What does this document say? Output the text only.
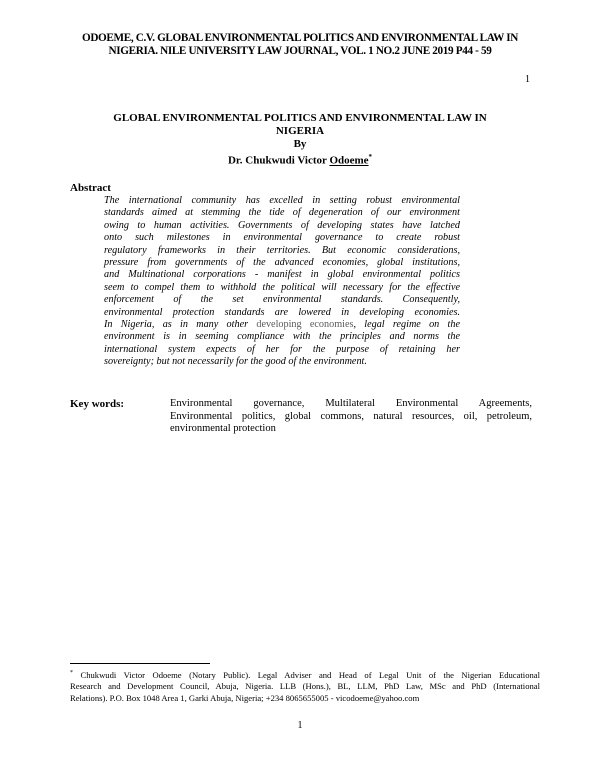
ODOEME, C.V. GLOBAL ENVIRONMENTAL POLITICS AND ENVIRONMENTAL LAW IN
NIGERIA. NILE UNIVERSITY LAW JOURNAL, VOL. 1 NO.2 JUNE 2019 P44 - 59
1
GLOBAL ENVIRONMENTAL POLITICS AND ENVIRONMENTAL LAW IN
NIGERIA
By
Dr. Chukwudi Victor Odoeme*
Abstract
The international community has excelled in setting robust environmental
standards aimed at stemming the tide of degeneration of our environment
owing to human activities. Governments of developing states have latched
onto such milestones in environmental governance to create robust
regulatory frameworks in their territories. But economic considerations,
pressure from governments of the advanced economies, global institutions,
and Multinational corporations - manifest in global environmental politics
seem to compel them to withhold the political will necessary for the effective
enforcement of the set environmental standards. Consequently,
environmental protection standards are lowered in developing economies.
In Nigeria, as in many other developing economies, legal regime on the
environment is in seeming compliance with the principles and norms the
international system expects of her for the purpose of retaining her
sovereignty; but not necessarily for the good of the environment.
Key words:	Environmental governance, Multilateral Environmental Agreements,
Environmental politics, global commons, natural resources, oil, petroleum,
environmental protection
* Chukwudi Victor Odoeme (Notary Public). Legal Adviser and Head of Legal Unit of the Nigerian Educational
Research and Development Council, Abuja, Nigeria. LLB (Hons.), BL, LLM, PhD Law, MSc and PhD (International
Relations). P.O. Box 1048 Area 1, Garki Abuja, Nigeria; +234 8065655005 - vicodoeme@yahoo.com
1
